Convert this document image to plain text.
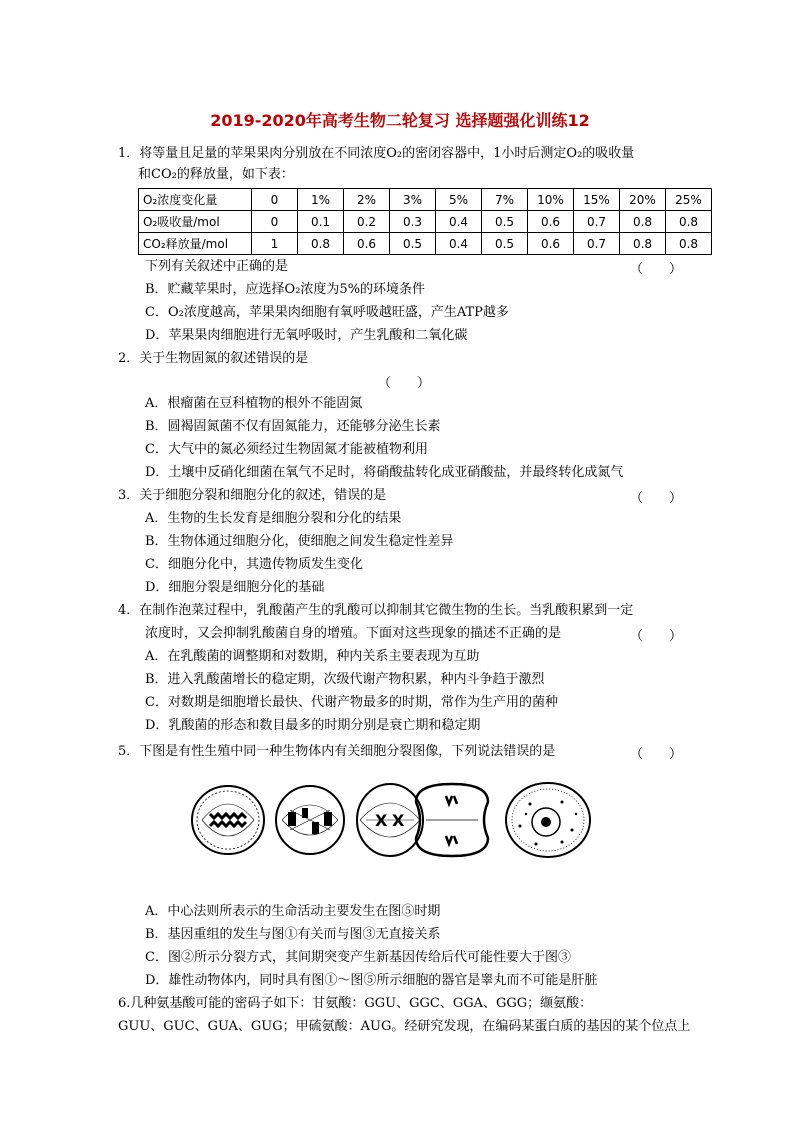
2019-2020年高考生物二轮复习 选择题强化训练12
1．将等量且足量的苹果果肉分别放在不同浓度O₂的密闭容器中，1小时后测定O₂的吸收量
和CO₂的释放量，如下表：
O₂浓度变化量	0	1%	2%	3%	5%	7%	10%	15%	20%	25%
O₂吸收量/mol	0	0.1	0.2	0.3	0.4	0.5	0.6	0.7	0.8	0.8
CO₂释放量/mol	1	0.8	0.6	0.5	0.4	0.5	0.6	0.7	0.8	0.8
下列有关叙述中正确的是	（　　）
B．贮藏苹果时，应选择O₂浓度为5%的环境条件
C．O₂浓度越高，苹果果肉细胞有氧呼吸越旺盛，产生ATP越多
D．苹果果肉细胞进行无氧呼吸时，产生乳酸和二氧化碳
2．关于生物固氮的叙述错误的是
（　　）
A．根瘤菌在豆科植物的根外不能固氮
B．圆褐固氮菌不仅有固氮能力，还能够分泌生长素
C．大气中的氮必须经过生物固氮才能被植物利用
D．土壤中反硝化细菌在氧气不足时，将硝酸盐转化成亚硝酸盐，并最终转化成氮气
3．关于细胞分裂和细胞分化的叙述，错误的是	（　　）
A．生物的生长发育是细胞分裂和分化的结果
B．生物体通过细胞分化，使细胞之间发生稳定性差异
C．细胞分化中，其遗传物质发生变化
D．细胞分裂是细胞分化的基础
4．在制作泡菜过程中，乳酸菌产生的乳酸可以抑制其它微生物的生长。当乳酸积累到一定
浓度时，又会抑制乳酸菌自身的增殖。下面对这些现象的描述不正确的是	（　　）
A．在乳酸菌的调整期和对数期，种内关系主要表现为互助
B．进入乳酸菌增长的稳定期，次级代谢产物积累，种内斗争趋于激烈
C．对数期是细胞增长最快、代谢产物最多的时期，常作为生产用的菌种
D．乳酸菌的形态和数目最多的时期分别是衰亡期和稳定期
5．下图是有性生殖中同一种生物体内有关细胞分裂图像，下列说法错误的是	（　　）
X X
A．中心法则所表示的生命活动主要发生在图⑤时期
B．基因重组的发生与图①有关而与图③无直接关系
C．图②所示分裂方式，其间期突变产生新基因传给后代可能性要大于图③
D．雄性动物体内，同时具有图①～图⑤所示细胞的器官是睾丸而不可能是肝脏
6.几种氨基酸可能的密码子如下：甘氨酸：GGU、GGC、GGA、GGG；缬氨酸：
GUU、GUC、GUA、GUG；甲硫氨酸：AUG。经研究发现，在编码某蛋白质的基因的某个位点上
